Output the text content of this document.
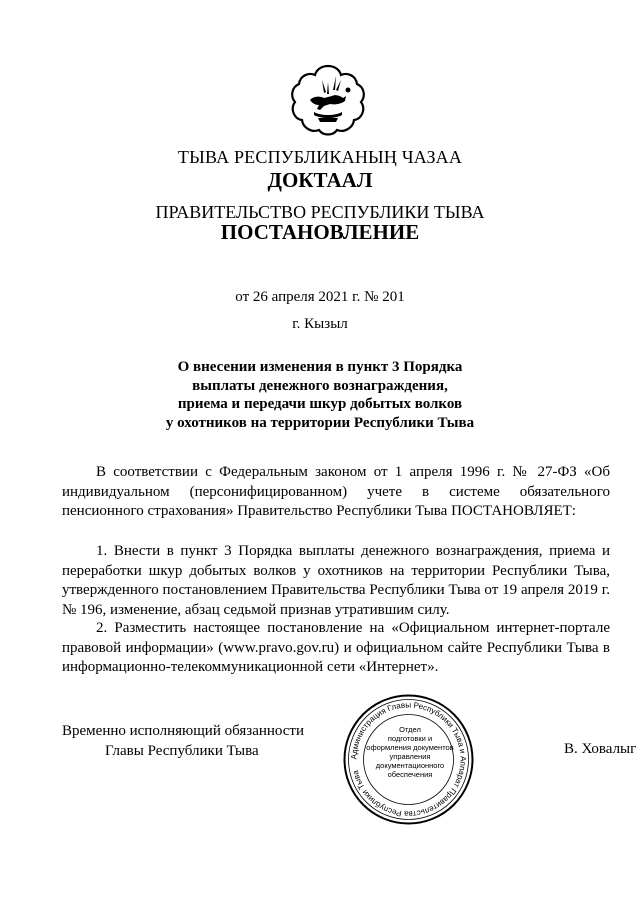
ТЫВА РЕСПУБЛИКАНЫҢ ЧАЗАА
ДОКТААЛ
ПРАВИТЕЛЬСТВО РЕСПУБЛИКИ ТЫВА
ПОСТАНОВЛЕНИЕ
от 26 апреля 2021 г. № 201
г. Кызыл
О внесении изменения в пункт 3 Порядка
выплаты денежного вознаграждения,
приема и передачи шкур добытых волков
у охотников на территории Республики Тыва
В соответствии с Федеральным законом от 1 апреля 1996 г. № 27-ФЗ «Об индивидуальном (персонифицированном) учете в системе обязательного пенсионного страхования» Правительство Республики Тыва ПОСТАНОВЛЯЕТ:
1. Внести в пункт 3 Порядка выплаты денежного вознаграждения, приема и переработки шкур добытых волков у охотников на территории Республики Тыва, утвержденного постановлением Правительства Республики Тыва от 19 апреля 2019 г. № 196, изменение, абзац седьмой признав утратившим силу.
2. Разместить настоящее постановление на «Официальном интернет-портале правовой информации» (www.pravo.gov.ru) и официальном сайте Республики Тыва в информационно-телекоммуникационной сети «Интернет».
Временно исполняющий обязанности
Главы Республики Тыва	В. Ховалыг
Администрация Главы Республики Тыва и Аппарат Правительства Республики Тыва
Отдел
подготовки и
оформления документов
управления
документационного
обеспечения
